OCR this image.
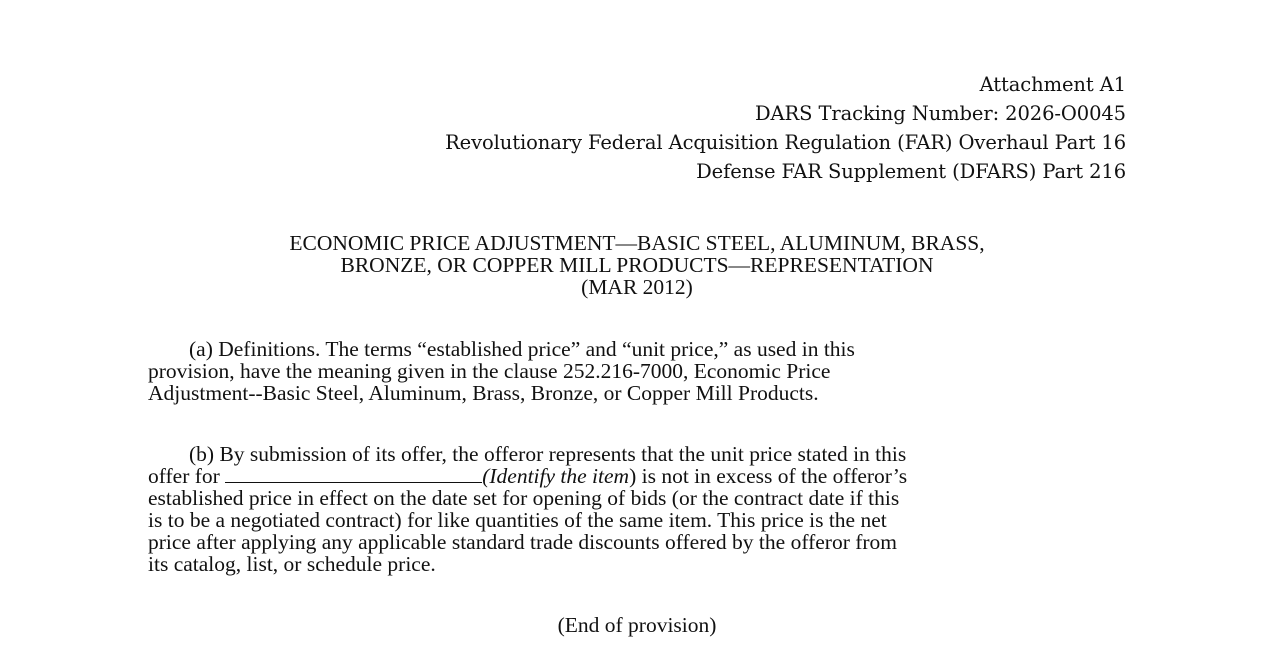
Attachment A1
DARS Tracking Number: 2026-O0045
Revolutionary Federal Acquisition Regulation (FAR) Overhaul Part 16
Defense FAR Supplement (DFARS) Part 216
ECONOMIC PRICE ADJUSTMENT—BASIC STEEL, ALUMINUM, BRASS,
BRONZE, OR COPPER MILL PRODUCTS—REPRESENTATION
(MAR 2012)
(a) Definitions. The terms “established price” and “unit price,” as used in this
provision, have the meaning given in the clause 252.216-7000, Economic Price
Adjustment--Basic Steel, Aluminum, Brass, Bronze, or Copper Mill Products.
(b) By submission of its offer, the offeror represents that the unit price stated in this
offer for	(Identify the item) is not in excess of the offeror’s
established price in effect on the date set for opening of bids (or the contract date if this
is to be a negotiated contract) for like quantities of the same item. This price is the net
price after applying any applicable standard trade discounts offered by the offeror from
its catalog, list, or schedule price.
(End of provision)
